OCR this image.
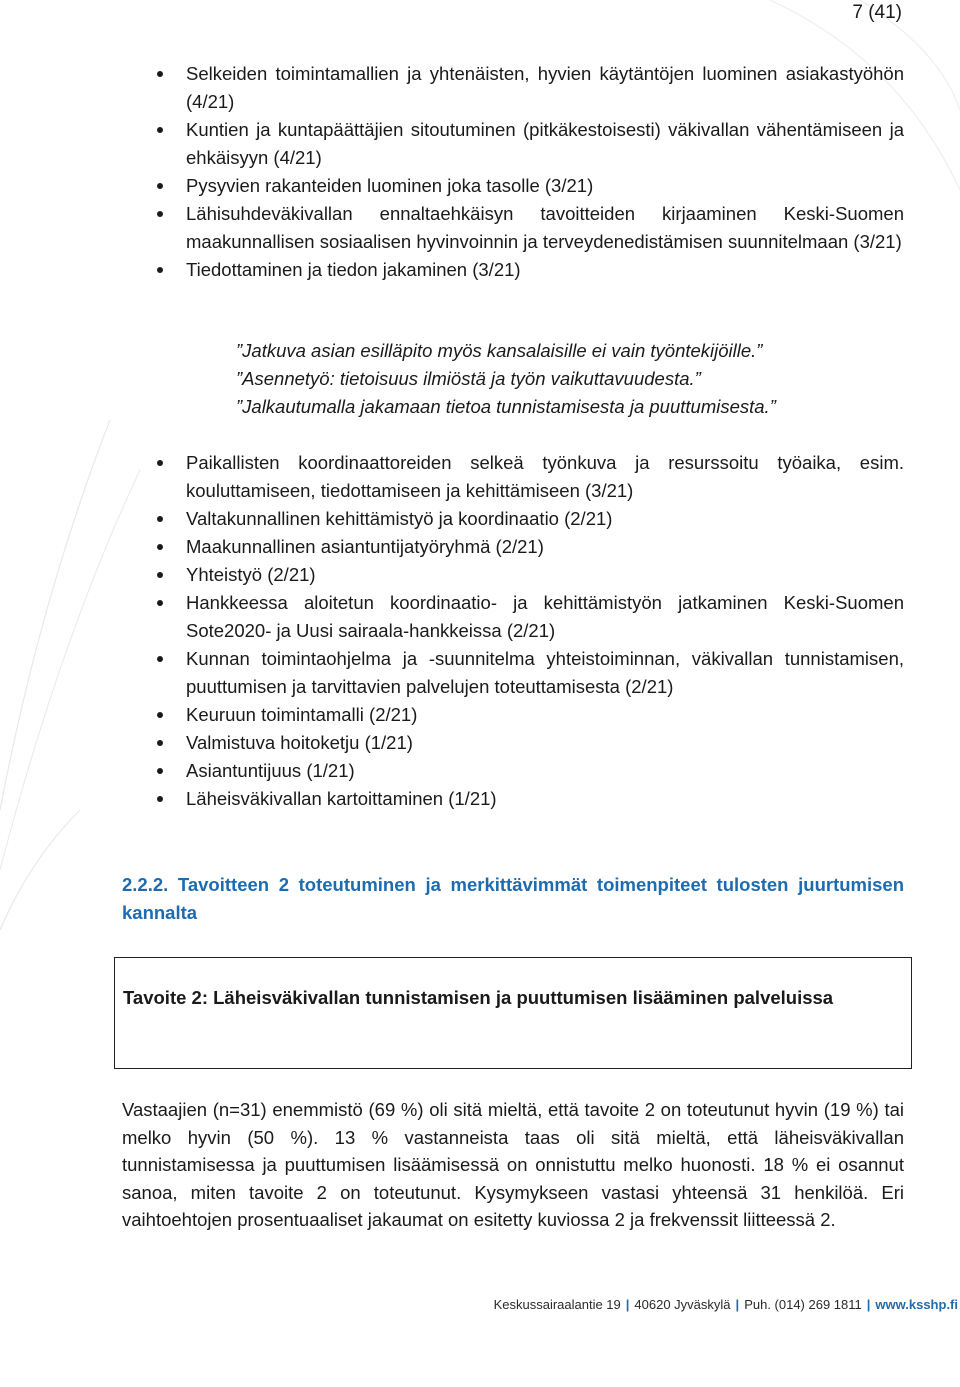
7 (41)
Selkeiden toimintamallien ja yhtenäisten, hyvien käytäntöjen luominen asiakastyöhön (4/21)
Kuntien ja kuntapäättäjien sitoutuminen (pitkäkestoisesti) väkivallan vähentämiseen ja ehkäisyyn (4/21)
Pysyvien rakanteiden luominen joka tasolle (3/21)
Lähisuhdeväkivallan ennaltaehkäisyn tavoitteiden kirjaaminen Keski-Suomen maakunnallisen sosiaalisen hyvinvoinnin ja terveydenedistämisen suunnitelmaan (3/21)
Tiedottaminen ja tiedon jakaminen (3/21)
”Jatkuva asian esilläpito myös kansalaisille ei vain työntekijöille.”
”Asennetyö: tietoisuus ilmiöstä ja työn vaikuttavuudesta.”
”Jalkautumalla jakamaan tietoa tunnistamisesta ja puuttumisesta.”
Paikallisten koordinaattoreiden selkeä työnkuva ja resurssoitu työaika, esim. kouluttamiseen, tiedottamiseen ja kehittämiseen (3/21)
Valtakunnallinen kehittämistyö ja koordinaatio (2/21)
Maakunnallinen asiantuntijatyöryhmä (2/21)
Yhteistyö (2/21)
Hankkeessa aloitetun koordinaatio- ja kehittämistyön jatkaminen Keski-Suomen Sote2020- ja Uusi sairaala-hankkeissa (2/21)
Kunnan toimintaohjelma ja -suunnitelma yhteistoiminnan, väkivallan tunnistamisen, puuttumisen ja tarvittavien palvelujen toteuttamisesta (2/21)
Keuruun toimintamalli (2/21)
Valmistuva hoitoketju (1/21)
Asiantuntijuus (1/21)
Läheisväkivallan kartoittaminen (1/21)
2.2.2. Tavoitteen 2 toteutuminen ja merkittävimmät toimenpiteet tulosten juurtumisen kannalta
Tavoite 2: Läheisväkivallan tunnistamisen ja puuttumisen lisääminen palveluissa

Vastaajien (n=31) enemmistö (69 %) oli sitä mieltä, että tavoite 2 on toteutunut hyvin (19 %) tai melko hyvin (50 %). 13 % vastanneista taas oli sitä mieltä, että läheisväkivallan tunnistamisessa ja puuttumisen lisäämisessä on onnistuttu melko huonosti. 18 % ei osannut sanoa, miten tavoite 2 on toteutunut. Kysymykseen vastasi yhteensä 31 henkilöä. Eri vaihtoehtojen prosentuaaliset jakaumat on esitetty kuviossa 2 ja frekvenssit liitteessä 2.

Keskussairaalantie 19 | 40620 Jyväskylä | Puh. (014) 269 1811 | www.ksshp.fi
